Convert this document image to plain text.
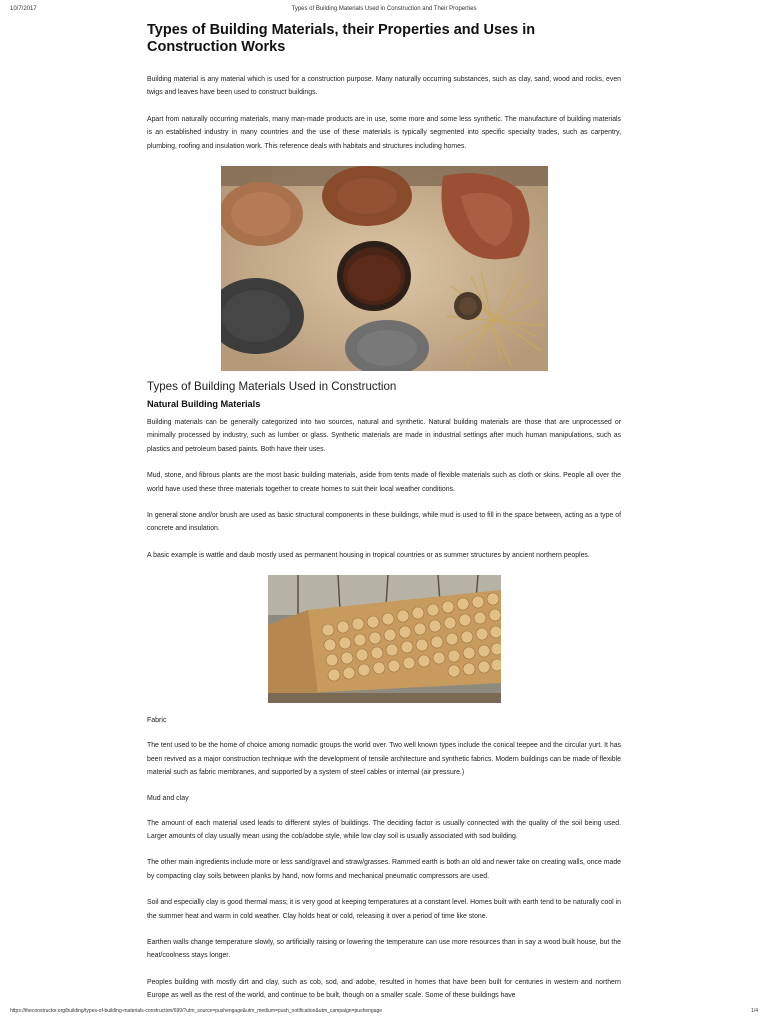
10/7/2017	Types of Building Materials Used in Construction and Their Properties
Types of Building Materials, their Properties and Uses in Construction Works

Building material is any material which is used for a construction purpose. Many naturally occurring substances, such as clay, sand, wood and rocks, even twigs and leaves have been used to construct buildings.

Apart from naturally occurring materials, many man-made products are in use, some more and some less synthetic. The manufacture of building materials is an established industry in many countries and the use of these materials is typically segmented into specific specialty trades, such as carpentry, plumbing, roofing and insulation work. This reference deals with habitats and structures including homes.

Types of Building Materials Used in Construction
Natural Building Materials

Building materials can be generally categorized into two sources, natural and synthetic. Natural building materials are those that are unprocessed or minimally processed by industry, such as lumber or glass. Synthetic materials are made in industrial settings after much human manipulations, such as plastics and petroleum based paints. Both have their uses.

Mud, stone, and fibrous plants are the most basic building materials, aside from tents made of flexible materials such as cloth or skins. People all over the world have used these three materials together to create homes to suit their local weather conditions.

In general stone and/or brush are used as basic structural components in these buildings, while mud is used to fill in the space between, acting as a type of concrete and insulation.

A basic example is wattle and daub mostly used as permanent housing in tropical countries or as summer structures by ancient northern peoples.

Fabric

The tent used to be the home of choice among nomadic groups the world over. Two well known types include the conical teepee and the circular yurt. It has been revived as a major construction technique with the development of tensile architecture and synthetic fabrics. Modern buildings can be made of flexible material such as fabric membranes, and supported by a system of steel cables or internal (air pressure.)

Mud and clay

The amount of each material used leads to different styles of buildings. The deciding factor is usually connected with the quality of the soil being used. Larger amounts of clay usually mean using the cob/adobe style, while low clay soil is usually associated with sod building.

The other main ingredients include more or less sand/gravel and straw/grasses. Rammed earth is both an old and newer take on creating walls, once made by compacting clay soils between planks by hand, now forms and mechanical pneumatic compressors are used.

Soil and especially clay is good thermal mass; it is very good at keeping temperatures at a constant level. Homes built with earth tend to be naturally cool in the summer heat and warm in cold weather. Clay holds heat or cold, releasing it over a period of time like stone.

Earthen walls change temperature slowly, so artificially raising or lowering the temperature can use more resources than in say a wood built house, but the heat/coolness stays longer.

Peoples building with mostly dirt and clay, such as cob, sod, and adobe, resulted in homes that have been built for centuries in western and northern Europe as well as the rest of the world, and continue to be built, though on a smaller scale. Some of these buildings have

https://theconstructor.org/building/types-of-building-materials-construction/699/?utm_source=pushengage&utm_medium=push_notification&utm_campaign=pushengage	1/4
